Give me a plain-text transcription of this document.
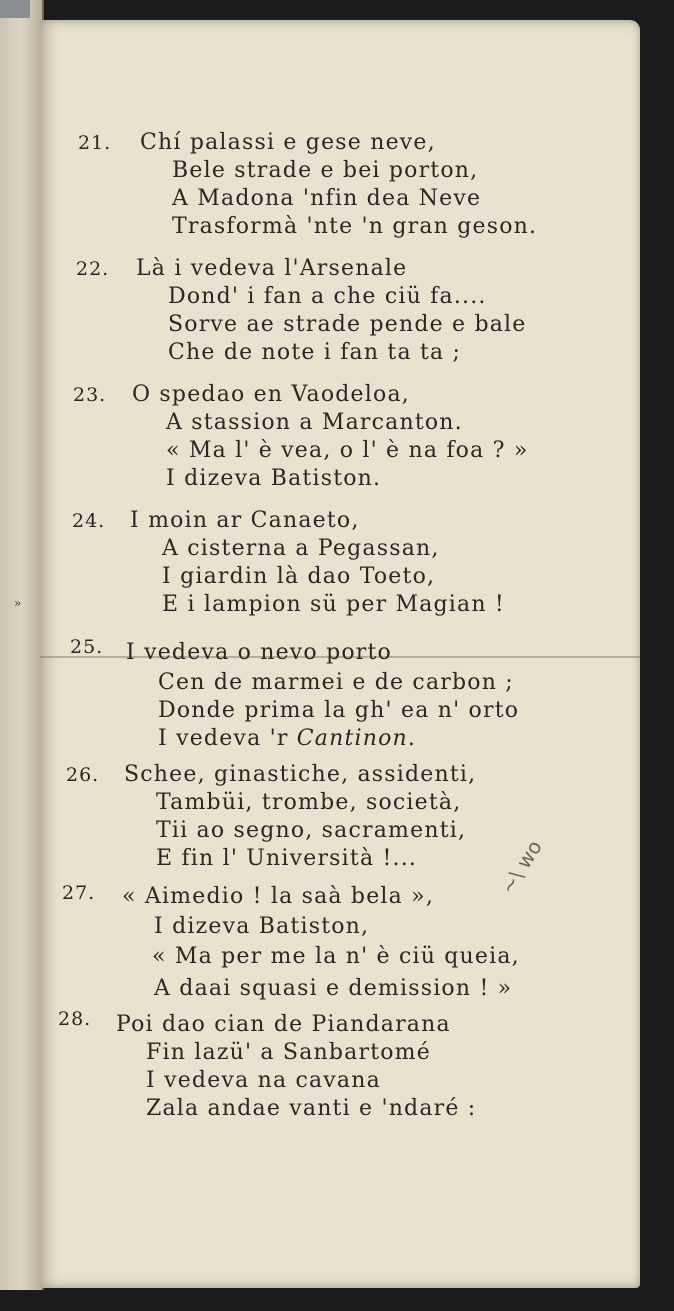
»
21. Chí palassi e gese neve,
Bele strade e bei porton,
A Madona 'nfin dea Neve
Trasformà 'nte 'n gran geson.
22. Là i vedeva l'Arsenale
Dond' i fan a che ciü fa....
Sorve ae strade pende e bale
Che de note i fan ta ta ;
23. O spedao en Vaodeloa,
A stassion a Marcanton.
« Ma l' è vea, o l' è na foa ? »
I dizeva Batiston.
24. I moin ar Canaeto,
A cisterna a Pegassan,
I giardin là dao Toeto,
E i lampion sü per Magian !
25. I vedeva o nevo porto
Cen de marmei e de carbon ;
Donde prima la gh' ea n' orto
I vedeva 'r Cantinon.
26. Schee, ginastiche, assidenti,
Tambüi, trombe, società,
Tii ao segno, sacramenti,
E fin l' Università !...
27. « Aimedio ! la saà bela »,
I dizeva Batiston,
« Ma per me la n' è ciü queia,
A daai squasi e demission ! »
28. Poi dao cian de Piandarana
Fin lazü' a Sanbartomé
I vedeva na cavana
Zala andae vanti e 'ndaré :
~\ wo
